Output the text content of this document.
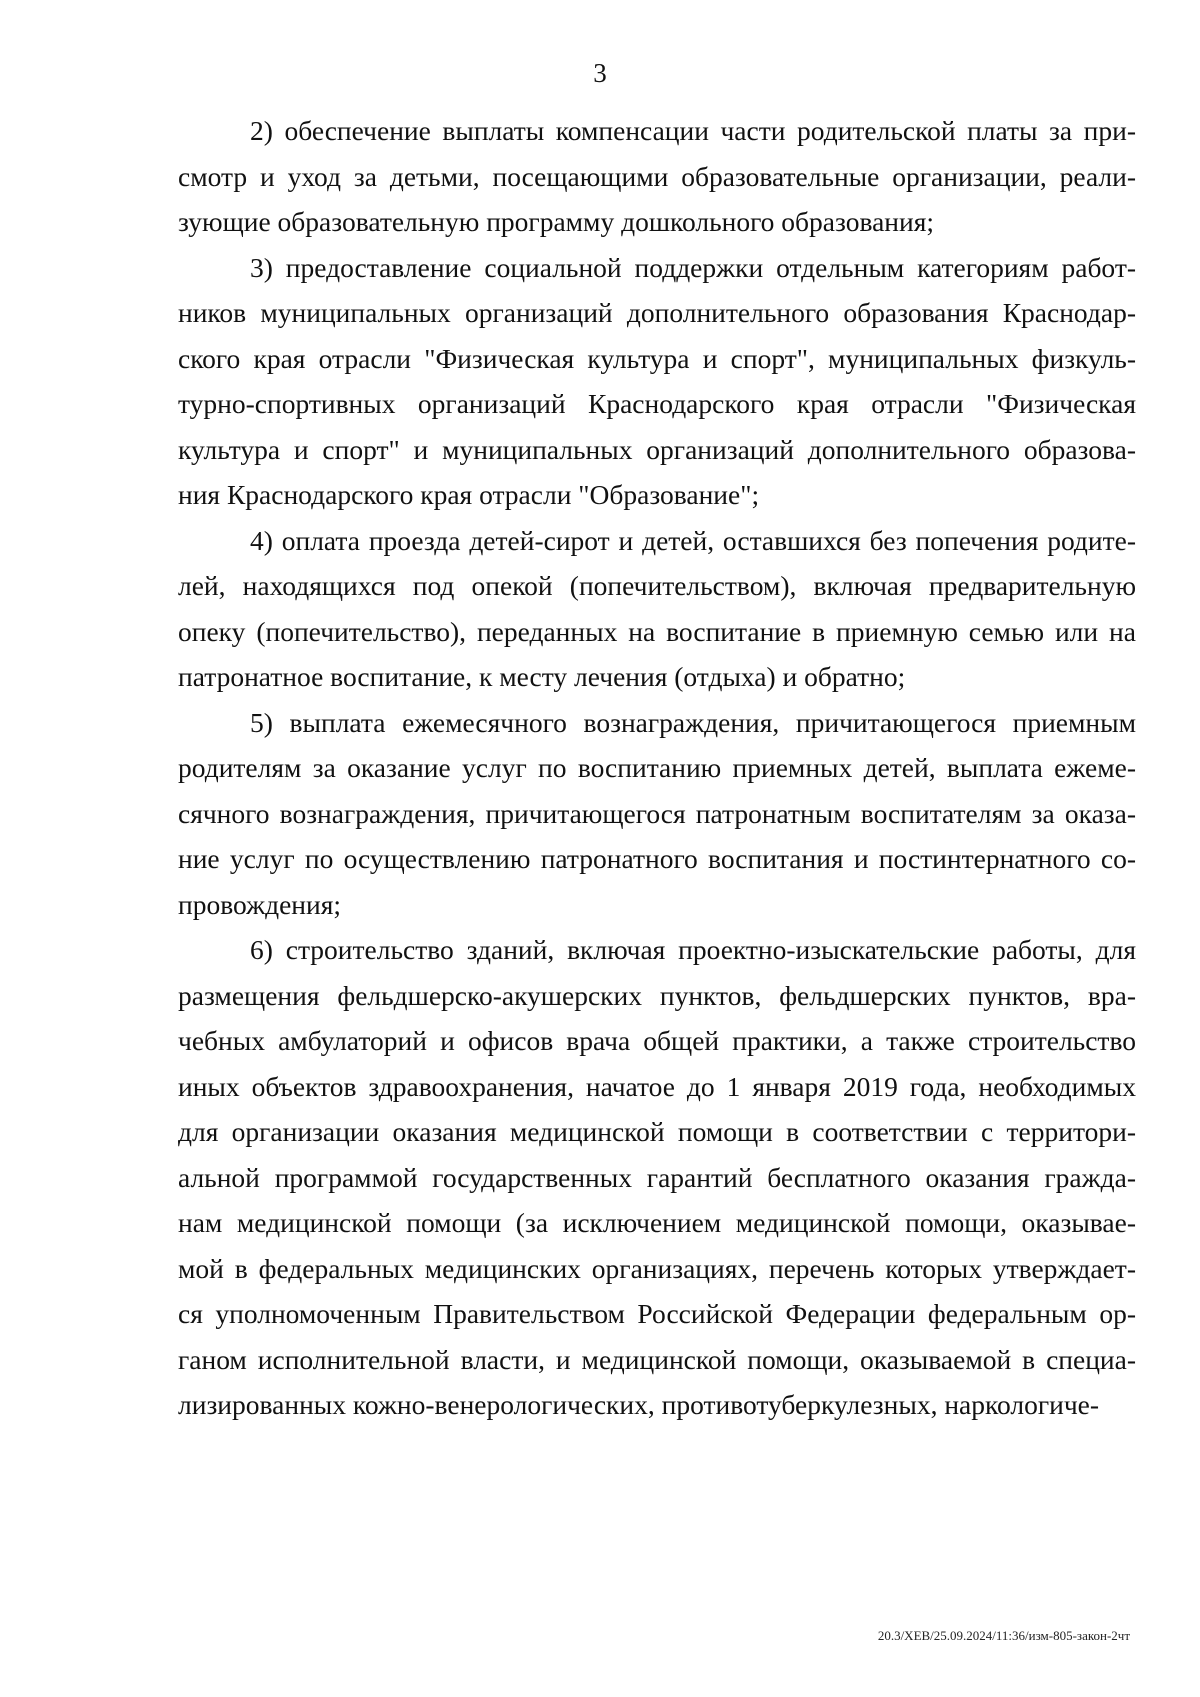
3

2) обеспечение выплаты компенсации части родительской платы за при-
смотр и уход за детьми, посещающими образовательные организации, реали-
зующие образовательную программу дошкольного образования;

3) предоставление социальной поддержки отдельным категориям работ-
ников муниципальных организаций дополнительного образования Краснодар-
ского края отрасли "Физическая культура и спорт", муниципальных физкуль-
турно-спортивных организаций Краснодарского края отрасли "Физическая
культура и спорт" и муниципальных организаций дополнительного образова-
ния Краснодарского края отрасли "Образование";

4) оплата проезда детей-сирот и детей, оставшихся без попечения родите-
лей, находящихся под опекой (попечительством), включая предварительную
опеку (попечительство), переданных на воспитание в приемную семью или на
патронатное воспитание, к месту лечения (отдыха) и обратно;

5) выплата ежемесячного вознаграждения, причитающегося приемным
родителям за оказание услуг по воспитанию приемных детей, выплата ежеме-
сячного вознаграждения, причитающегося патронатным воспитателям за оказа-
ние услуг по осуществлению патронатного воспитания и постинтернатного со-
провождения;

6) строительство зданий, включая проектно-изыскательские работы, для
размещения фельдшерско-акушерских пунктов, фельдшерских пунктов, вра-
чебных амбулаторий и офисов врача общей практики, а также строительство
иных объектов здравоохранения, начатое до 1 января 2019 года, необходимых
для организации оказания медицинской помощи в соответствии с территори-
альной программой государственных гарантий бесплатного оказания гражда-
нам медицинской помощи (за исключением медицинской помощи, оказывае-
мой в федеральных медицинских организациях, перечень которых утверждает-
ся уполномоченным Правительством Российской Федерации федеральным ор-
ганом исполнительной власти, и медицинской помощи, оказываемой в специа-
лизированных кожно-венерологических, противотуберкулезных, наркологиче-

20.3/ХЕВ/25.09.2024/11:36/изм-805-закон-2чт
